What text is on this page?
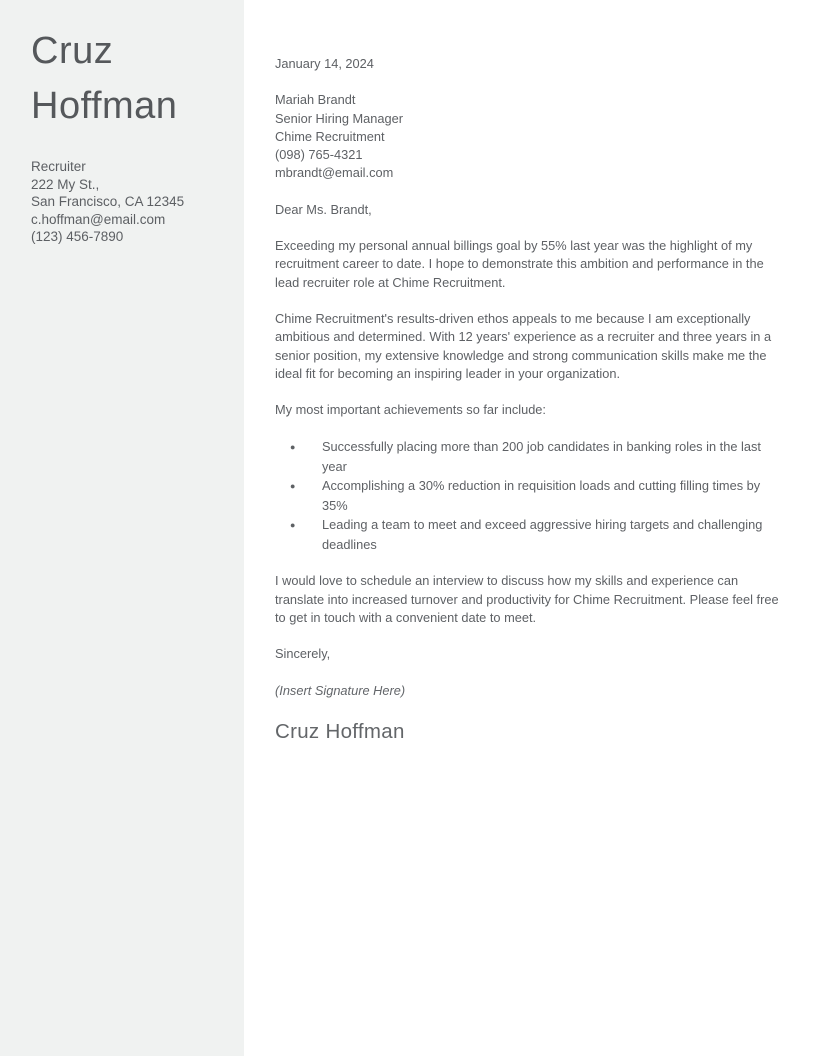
Cruz
Hoffman
Recruiter
222 My St.,
San Francisco, CA 12345
c.hoffman@email.com
(123) 456-7890

January 14, 2024

Mariah Brandt
Senior Hiring Manager
Chime Recruitment
(098) 765-4321
mbrandt@email.com

Dear Ms. Brandt,

Exceeding my personal annual billings goal by 55% last year was the highlight of my recruitment career to date. I hope to demonstrate this ambition and performance in the lead recruiter role at Chime Recruitment.

Chime Recruitment's results-driven ethos appeals to me because I am exceptionally ambitious and determined. With 12 years' experience as a recruiter and three years in a senior position, my extensive knowledge and strong communication skills make me the ideal fit for becoming an inspiring leader in your organization.

My most important achievements so far include:

● Successfully placing more than 200 job candidates in banking roles in the last year
● Accomplishing a 30% reduction in requisition loads and cutting filling times by 35%
● Leading a team to meet and exceed aggressive hiring targets and challenging deadlines

I would love to schedule an interview to discuss how my skills and experience can translate into increased turnover and productivity for Chime Recruitment. Please feel free to get in touch with a convenient date to meet.

Sincerely,

(Insert Signature Here)

Cruz Hoffman
